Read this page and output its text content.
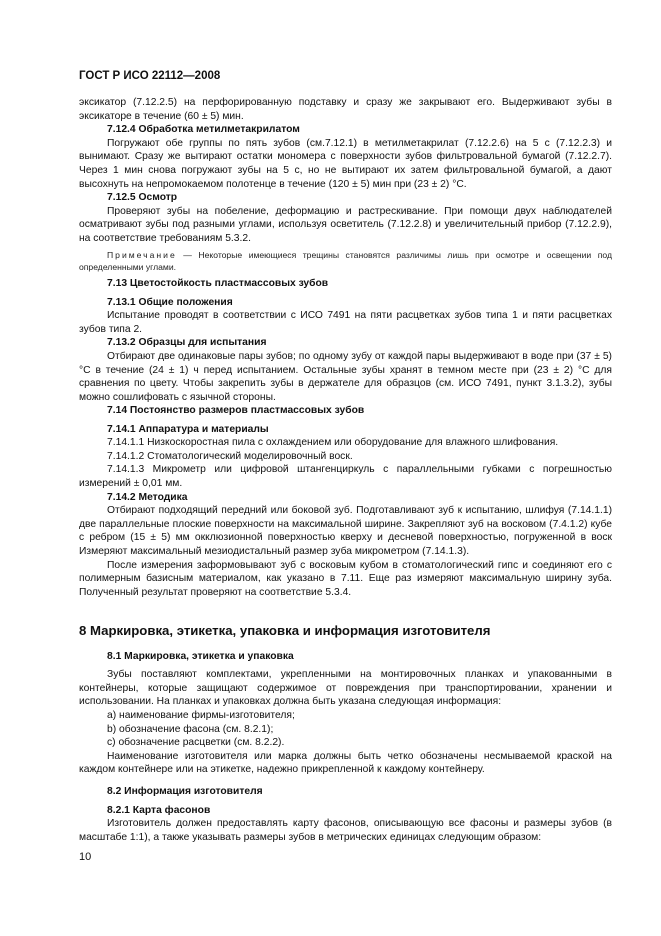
ГОСТ Р ИСО 22112—2008

эксикатор (7.12.2.5) на перфорированную подставку и сразу же закрывают его. Выдерживают зубы в эксикаторе в течение (60 ± 5) мин.

7.12.4 Обработка метилметакрилатом

Погружают обе группы по пять зубов (см.7.12.1) в метилметакрилат (7.12.2.6) на 5 с (7.12.2.3) и вынимают. Сразу же вытирают остатки мономера с поверхности зубов фильтровальной бумагой (7.12.2.7). Через 1 мин снова погружают зубы на 5 с, но не вытирают их затем фильтровальной бумагой, а дают высохнуть на непромокаемом полотенце в течение (120 ± 5) мин при (23 ± 2) °С.

7.12.5 Осмотр

Проверяют зубы на побеление, деформацию и растрескивание. При помощи двух наблюдателей осматривают зубы под разными углами, используя осветитель (7.12.2.8) и увеличительный прибор (7.12.2.9), на соответствие требованиям 5.3.2.

Примечание — Некоторые имеющиеся трещины становятся различимы лишь при осмотре и освещении под определенными углами.

7.13 Цветостойкость пластмассовых зубов

7.13.1 Общие положения

Испытание проводят в соответствии с ИСО 7491 на пяти расцветках зубов типа 1 и пяти расцветках зубов типа 2.

7.13.2 Образцы для испытания

Отбирают две одинаковые пары зубов; по одному зубу от каждой пары выдерживают в воде при (37 ± 5) °С в течение (24 ± 1) ч перед испытанием. Остальные зубы хранят в темном месте при (23 ± 2) °С для сравнения по цвету. Чтобы закрепить зубы в держателе для образцов (см. ИСО 7491, пункт 3.1.3.2), зубы можно сошлифовать с язычной стороны.

7.14 Постоянство размеров пластмассовых зубов

7.14.1 Аппаратура и материалы

7.14.1.1 Низкоскоростная пила с охлаждением или оборудование для влажного шлифования.

7.14.1.2 Стоматологический моделировочный воск.

7.14.1.3 Микрометр или цифровой штангенциркуль с параллельными губками с погрешностью измерений ± 0,01 мм.

7.14.2 Методика

Отбирают подходящий передний или боковой зуб. Подготавливают зуб к испытанию, шлифуя (7.14.1.1) две параллельные плоские поверхности на максимальной ширине. Закрепляют зуб на восковом (7.4.1.2) кубе с ребром (15 ± 5) мм окклюзионной поверхностью кверху и десневой поверхностью, погруженной в воск Измеряют максимальный мезиодистальный размер зуба микрометром (7.14.1.3).

После измерения заформовывают зуб с восковым кубом в стоматологический гипс и соединяют его с полимерным базисным материалом, как указано в 7.11. Еще раз измеряют максимальную ширину зуба. Полученный результат проверяют на соответствие 5.3.4.

8 Маркировка, этикетка, упаковка и информация изготовителя

8.1 Маркировка, этикетка и упаковка

Зубы поставляют комплектами, укрепленными на монтировочных планках и упакованными в контейнеры, которые защищают содержимое от повреждения при транспортировании, хранении и использовании. На планках и упаковках должна быть указана следующая информация:

a) наименование фирмы-изготовителя;

b) обозначение фасона (см. 8.2.1);

c) обозначение расцветки (см. 8.2.2).

Наименование изготовителя или марка должны быть четко обозначены несмываемой краской на каждом контейнере или на этикетке, надежно прикрепленной к каждому контейнеру.

8.2 Информация изготовителя

8.2.1 Карта фасонов

Изготовитель должен предоставлять карту фасонов, описывающую все фасоны и размеры зубов (в масштабе 1:1), а также указывать размеры зубов в метрических единицах следующим образом:

10
